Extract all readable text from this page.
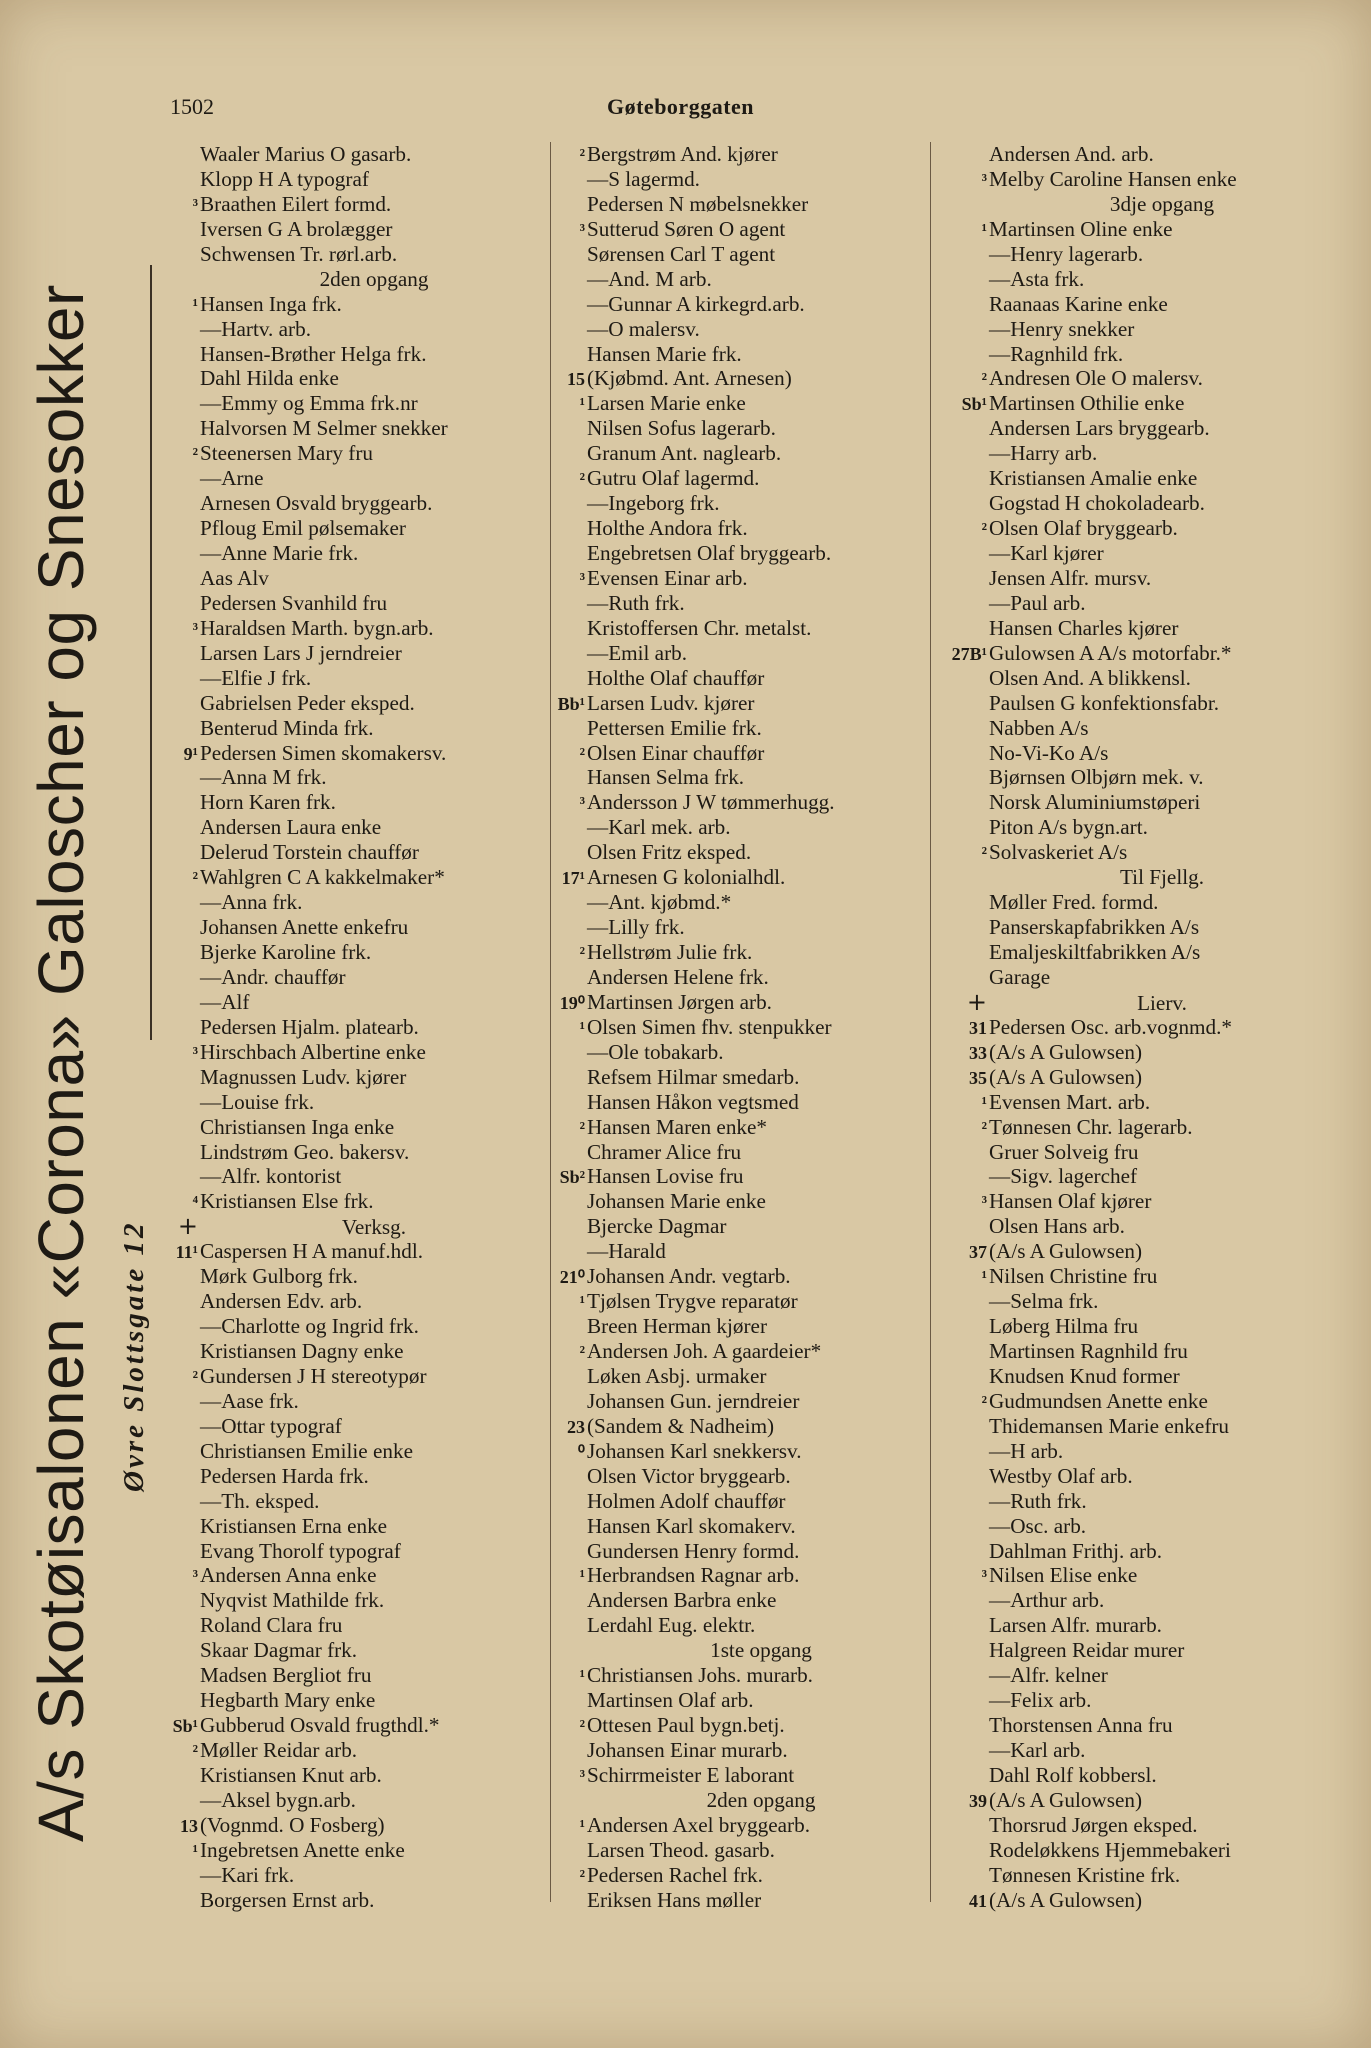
1502	Gøteborggaten
A/s Skotøisalonen «Corona» Galoscher og Snesokker Øvre Slottsgate 12
Waaler Marius O gasarb.
Klopp H A typograf
³Braathen Eilert formd.
Iversen G A brolægger
Schwensen Tr. rørl.arb.
2den opgang
¹Hansen Inga frk.
—Hartv. arb.
Hansen-Brøther Helga frk.
Dahl Hilda enke
—Emmy og Emma frk.nr
Halvorsen M Selmer snekker
²Steenersen Mary fru
—Arne
Arnesen Osvald bryggearb.
Pfloug Emil pølsemaker
—Anne Marie frk.
Aas Alv
Pedersen Svanhild fru
³Haraldsen Marth. bygn.arb.
Larsen Lars J jerndreier
—Elfie J frk.
Gabrielsen Peder eksped.
Benterud Minda frk.
9¹Pedersen Simen skomakersv.
—Anna M frk.
Horn Karen frk.
Andersen Laura enke
Delerud Torstein chauffør
²Wahlgren C A kakkelmaker*
—Anna frk.
Johansen Anette enkefru
Bjerke Karoline frk.
—Andr. chauffør
—Alf
Pedersen Hjalm. platearb.
³Hirschbach Albertine enke
Magnussen Ludv. kjører
—Louise frk.
Christiansen Inga enke
Lindstrøm Geo. bakersv.
—Alfr. kontorist
⁴Kristiansen Else frk.
+	Verksg.
11¹Caspersen H A manuf.hdl.
Mørk Gulborg frk.
Andersen Edv. arb.
—Charlotte og Ingrid frk.
Kristiansen Dagny enke
²Gundersen J H stereotypør
—Aase frk.
—Ottar typograf
Christiansen Emilie enke
Pedersen Harda frk.
—Th. eksped.
Kristiansen Erna enke
Evang Thorolf typograf
³Andersen Anna enke
Nyqvist Mathilde frk.
Roland Clara fru
Skaar Dagmar frk.
Madsen Bergliot fru
Hegbarth Mary enke
Sb¹Gubberud Osvald frugthdl.*
²Møller Reidar arb.
Kristiansen Knut arb.
—Aksel bygn.arb.
13(Vognmd. O Fosberg)
¹Ingebretsen Anette enke
—Kari frk.
Borgersen Ernst arb.
²Bergstrøm And. kjører
—S lagermd.
Pedersen N møbelsnekker
³Sutterud Søren O agent
Sørensen Carl T agent
—And. M arb.
—Gunnar A kirkegrd.arb.
—O malersv.
Hansen Marie frk.
15(Kjøbmd. Ant. Arnesen)
¹Larsen Marie enke
Nilsen Sofus lagerarb.
Granum Ant. naglearb.
²Gutru Olaf lagermd.
—Ingeborg frk.
Holthe Andora frk.
Engebretsen Olaf bryggearb.
³Evensen Einar arb.
—Ruth frk.
Kristoffersen Chr. metalst.
—Emil arb.
Holthe Olaf chauffør
Bb¹Larsen Ludv. kjører
Pettersen Emilie frk.
²Olsen Einar chauffør
Hansen Selma frk.
³Andersson J W tømmerhugg.
—Karl mek. arb.
Olsen Fritz eksped.
17¹Arnesen G kolonialhdl.
—Ant. kjøbmd.*
—Lilly frk.
²Hellstrøm Julie frk.
Andersen Helene frk.
19⁰Martinsen Jørgen arb.
¹Olsen Simen fhv. stenpukker
—Ole tobakarb.
Refsem Hilmar smedarb.
Hansen Håkon vegtsmed
²Hansen Maren enke*
Chramer Alice fru
Sb²Hansen Lovise fru
Johansen Marie enke
Bjercke Dagmar
—Harald
21⁰Johansen Andr. vegtarb.
¹Tjølsen Trygve reparatør
Breen Herman kjører
²Andersen Joh. A gaardeier*
Løken Asbj. urmaker
Johansen Gun. jerndreier
23(Sandem & Nadheim)
⁰Johansen Karl snekkersv.
Olsen Victor bryggearb.
Holmen Adolf chauffør
Hansen Karl skomakerv.
Gundersen Henry formd.
¹Herbrandsen Ragnar arb.
Andersen Barbra enke
Lerdahl Eug. elektr.
1ste opgang
¹Christiansen Johs. murarb.
Martinsen Olaf arb.
²Ottesen Paul bygn.betj.
Johansen Einar murarb.
³Schirrmeister E laborant
2den opgang
¹Andersen Axel bryggearb.
Larsen Theod. gasarb.
²Pedersen Rachel frk.
Eriksen Hans møller
Andersen And. arb.
³Melby Caroline Hansen enke
3dje opgang
¹Martinsen Oline enke
—Henry lagerarb.
—Asta frk.
Raanaas Karine enke
—Henry snekker
—Ragnhild frk.
²Andresen Ole O malersv.
Sb¹Martinsen Othilie enke
Andersen Lars bryggearb.
—Harry arb.
Kristiansen Amalie enke
Gogstad H chokoladearb.
²Olsen Olaf bryggearb.
—Karl kjører
Jensen Alfr. mursv.
—Paul arb.
Hansen Charles kjører
27B¹Gulowsen A A/s motorfabr.*
Olsen And. A blikkensl.
Paulsen G konfektionsfabr.
Nabben A/s
No-Vi-Ko A/s
Bjørnsen Olbjørn mek. v.
Norsk Aluminiumstøperi
Piton A/s bygn.art.
²Solvaskeriet A/s
Til Fjellg.
Møller Fred. formd.
Panserskapfabrikken A/s
Emaljeskiltfabrikken A/s
Garage
+	Lierv.
31Pedersen Osc. arb.vognmd.*
33(A/s A Gulowsen)
35(A/s A Gulowsen)
¹Evensen Mart. arb.
²Tønnesen Chr. lagerarb.
Gruer Solveig fru
—Sigv. lagerchef
³Hansen Olaf kjører
Olsen Hans arb.
37(A/s A Gulowsen)
¹Nilsen Christine fru
—Selma frk.
Løberg Hilma fru
Martinsen Ragnhild fru
Knudsen Knud former
²Gudmundsen Anette enke
Thidemansen Marie enkefru
—H arb.
Westby Olaf arb.
—Ruth frk.
—Osc. arb.
Dahlman Frithj. arb.
³Nilsen Elise enke
—Arthur arb.
Larsen Alfr. murarb.
Halgreen Reidar murer
—Alfr. kelner
—Felix arb.
Thorstensen Anna fru
—Karl arb.
Dahl Rolf kobbersl.
39(A/s A Gulowsen)
Thorsrud Jørgen eksped.
Rodeløkkens Hjemmebakeri
Tønnesen Kristine frk.
41(A/s A Gulowsen)
